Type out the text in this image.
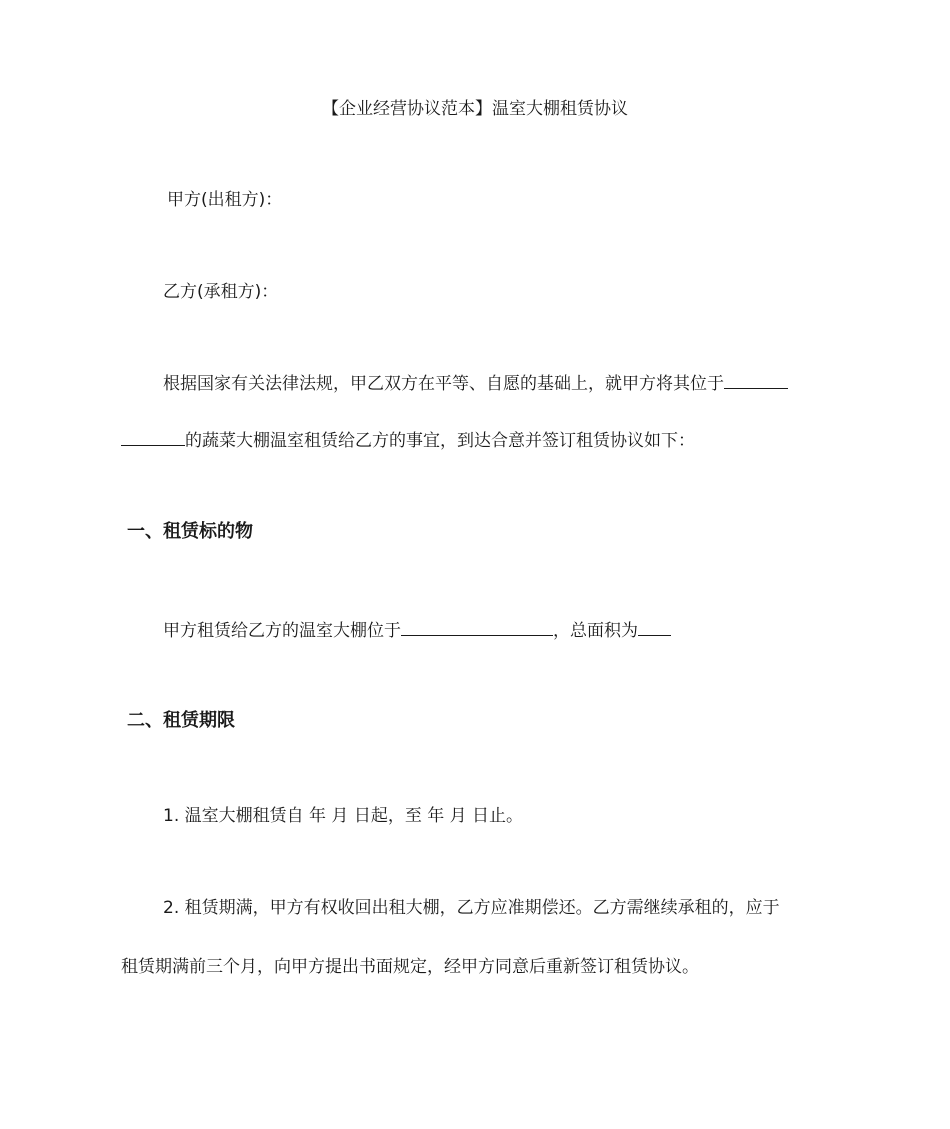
【企业经营协议范本】温室大棚租赁协议
甲方(出租方)：
乙方(承租方)：
根据国家有关法律法规，甲乙双方在平等、自愿的基础上，就甲方将其位于
的蔬菜大棚温室租赁给乙方的事宜，到达合意并签订租赁协议如下：
一、租赁标的物
甲方租赁给乙方的温室大棚位于	，总面积为
二、租赁期限
1. 温室大棚租赁自 年 月 日起，至 年 月 日止。
2. 租赁期满，甲方有权收回出租大棚，乙方应准期偿还。乙方需继续承租的，应于
租赁期满前三个月，向甲方提出书面规定，经甲方同意后重新签订租赁协议。
